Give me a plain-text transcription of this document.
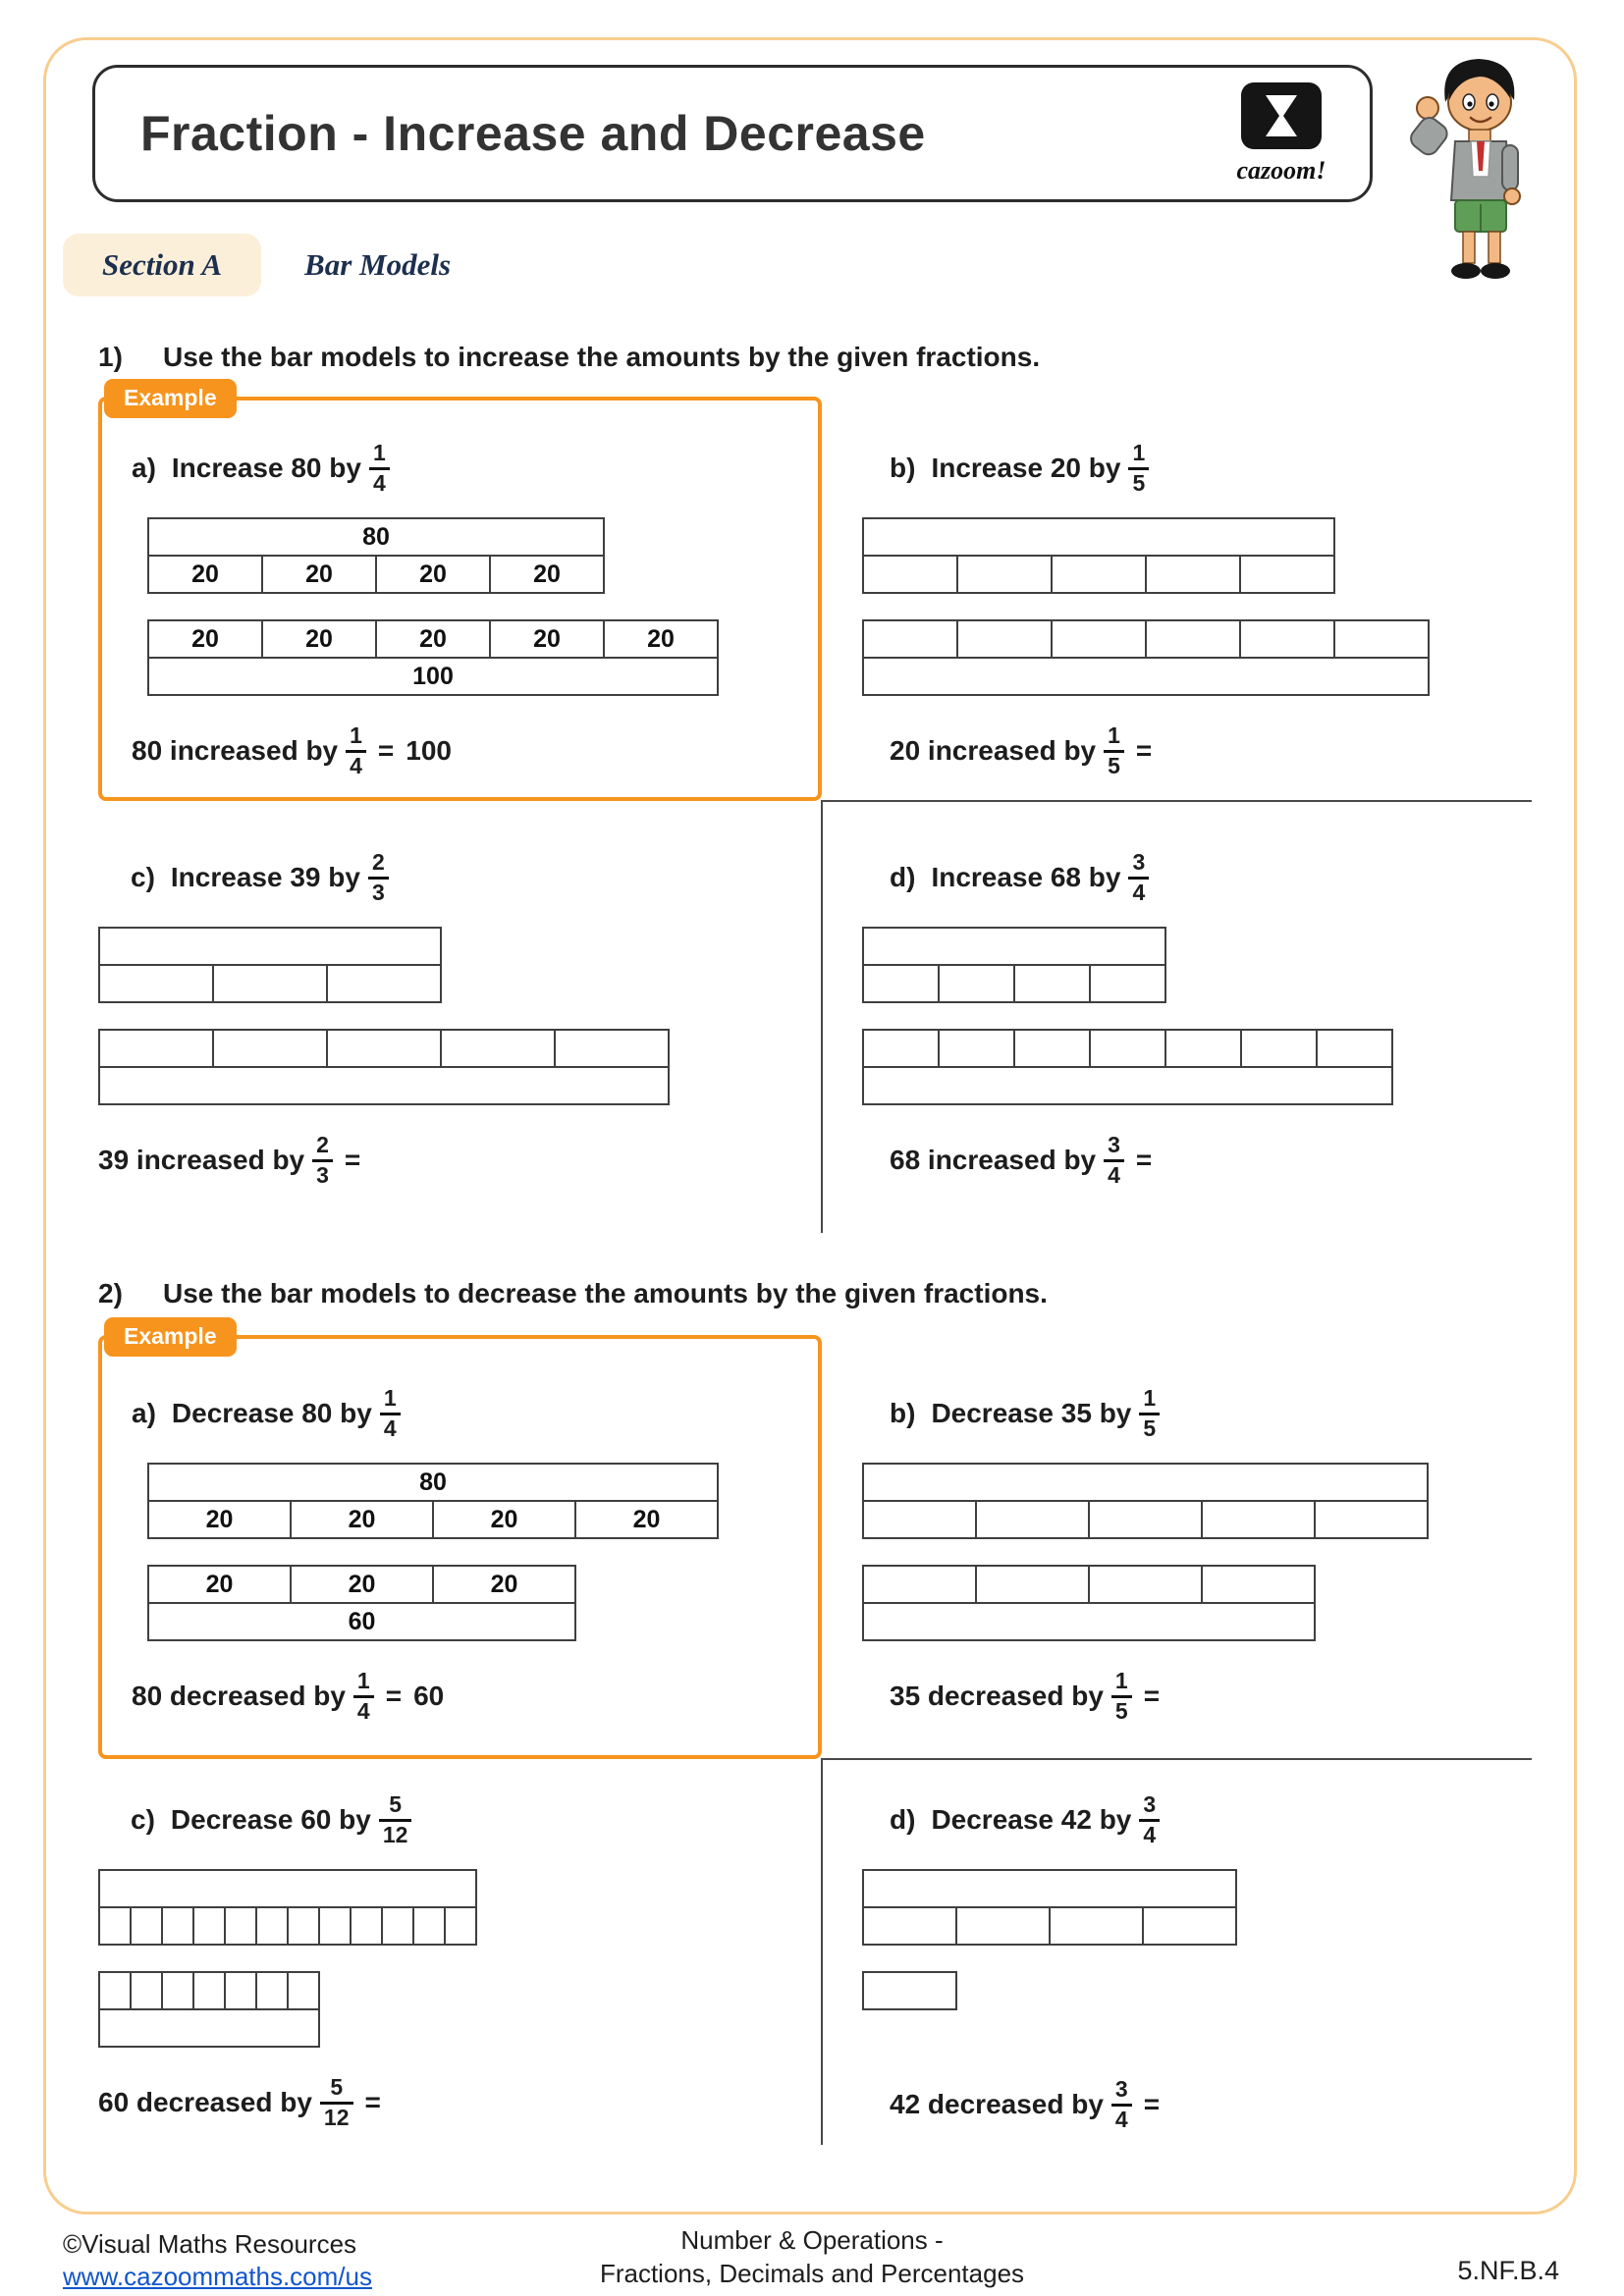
Fraction - Increase and Decrease
cazoom!
Section A	Bar Models
1)	Use the bar models to increase the amounts by the given fractions.
Example
a) Increase 80 by $\frac{1}{4}$
80
20	20	20	20
20	20	20	20	20
100
80 increased by $\frac{1}{4} = 100$
b) Increase 20 by $\frac{1}{5}$
20 increased by $\frac{1}{5}$ =
c) Increase 39 by $\frac{2}{3}$
39 increased by $\frac{2}{3}$ =
d) Increase 68 by $\frac{3}{4}$
68 increased by $\frac{3}{4}$ =
2)	Use the bar models to decrease the amounts by the given fractions.
Example
a) Decrease 80 by $\frac{1}{4}$
80
20	20	20	20
20	20	20
60
80 decreased by $\frac{1}{4} = 60$
b) Decrease 35 by $\frac{1}{5}$
35 decreased by $\frac{1}{5}$ =
c) Decrease 60 by $\frac{5}{12}$
60 decreased by $\frac{5}{12}$ =
d) Decrease 42 by $\frac{3}{4}$
42 decreased by $\frac{3}{4}$ =
©Visual Maths Resources
www.cazoommaths.com/us
Number & Operations -
Fractions, Decimals and Percentages	5.NF.B.4
